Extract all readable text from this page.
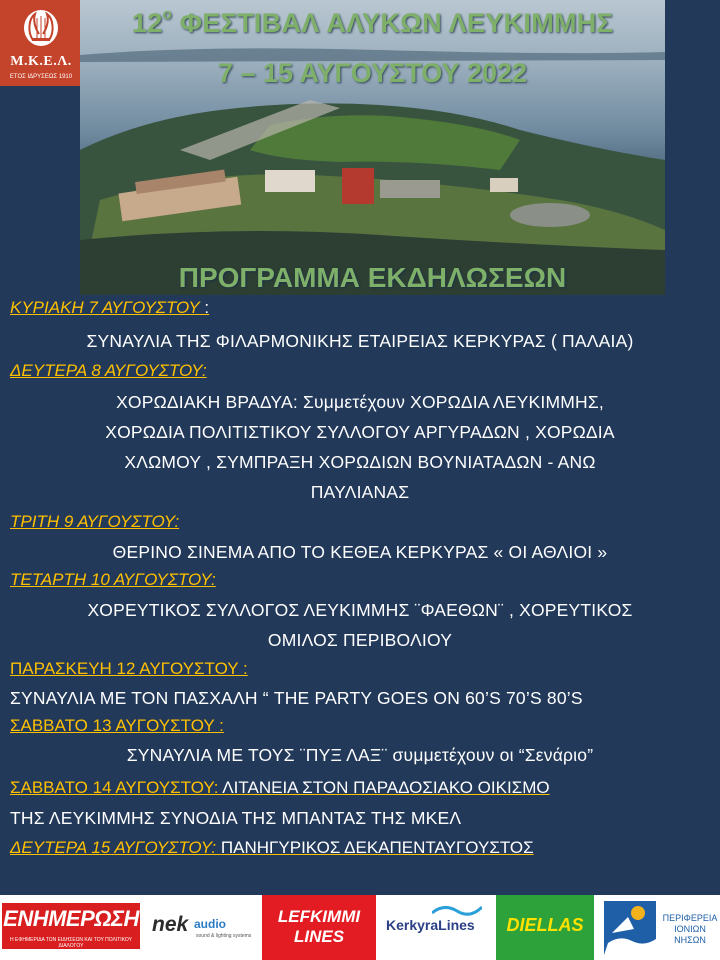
Μ.Κ.Ε.Λ.
ΕΤΟΣ ΙΔΡΥΣΕΩΣ 1910
$12^o$ ΦΕΣΤΙΒΑΛ ΑΛΥΚΩΝ ΛΕΥΚΙΜΜΗΣ
7 – 15 ΑΥΓΟΥΣΤΟΥ 2022
ΠΡΟΓΡΑΜΜΑ ΕΚΔΗΛΩΣΕΩΝ
ΚΥΡΙΑΚΗ 7 ΑΥΓΟΥΣΤΟΥ :
ΣΥΝΑΥΛΙΑ ΤΗΣ ΦΙΛΑΡΜΟΝΙΚΗΣ ΕΤΑΙΡΕΙΑΣ ΚΕΡΚΥΡΑΣ ( ΠΑΛΑΙΑ)
ΔΕΥΤΕΡΑ 8 ΑΥΓΟΥΣΤΟΥ:
ΧΟΡΩΔΙΑΚΗ ΒΡΑΔΥΑ: Συμμετέχουν ΧΟΡΩΔΙΑ ΛΕΥΚΙΜΜΗΣ,
ΧΟΡΩΔΙΑ ΠΟΛΙΤΙΣΤΙΚΟΥ ΣΥΛΛΟΓΟΥ ΑΡΓΥΡΑΔΩΝ , ΧΟΡΩΔΙΑ
ΧΛΩΜΟΥ , ΣΥΜΠΡΑΞΗ ΧΟΡΩΔΙΩΝ ΒΟΥΝΙΑΤΑΔΩΝ - ΑΝΩ
ΠΑΥΛΙΑΝΑΣ
ΤΡΙΤΗ 9 ΑΥΓΟΥΣΤΟΥ:
ΘΕΡΙΝΟ ΣΙΝΕΜΑ ΑΠΟ ΤΟ ΚΕΘΕΑ ΚΕΡΚΥΡΑΣ « ΟΙ ΑΘΛΙΟΙ »
ΤΕΤΑΡΤΗ 10 ΑΥΓΟΥΣΤΟΥ:
ΧΟΡΕΥΤΙΚΟΣ ΣΥΛΛΟΓΟΣ ΛΕΥΚΙΜΜΗΣ ¨ΦΑΕΘΩΝ¨ , ΧΟΡΕΥΤΙΚΟΣ
ΟΜΙΛΟΣ ΠΕΡΙΒΟΛΙΟΥ
ΠΑΡΑΣΚΕΥΗ 12 ΑΥΓΟΥΣΤΟΥ :
ΣΥΝΑΥΛΙΑ ΜΕ ΤΟΝ ΠΑΣΧΑΛΗ “ THE PARTY GOES ON 60’S 70’S 80’S
ΣΑΒΒΑΤΟ 13 ΑΥΓΟΥΣΤΟΥ :
ΣΥΝΑΥΛΙΑ ΜΕ ΤΟΥΣ ¨ΠΥΞ ΛΑΞ¨ συμμετέχουν οι “Σενάριο”
ΣΑΒΒΑΤΟ 14 ΑΥΓΟΥΣΤΟΥ: ΛΙΤΑΝΕΙΑ ΣΤΟΝ ΠΑΡΑΔΟΣΙΑΚΟ ΟΙΚΙΣΜΟ
ΤΗΣ ΛΕΥΚΙΜΜΗΣ ΣΥΝΟΔΙΑ ΤΗΣ ΜΠΑΝΤΑΣ ΤΗΣ ΜΚΕΛ
ΔΕΥΤΕΡΑ 15 ΑΥΓΟΥΣΤΟΥ: ΠΑΝΗΓΥΡΙΚΟΣ ΔΕΚΑΠΕΝΤΑΥΓΟΥΣΤΟΣ
ΕΝΗΜΕΡΩΣΗ
Η ΕΦΗΜΕΡΙΔΑ ΤΩΝ ΕΙΔΗΣΕΩΝ ΚΑΙ ΤΟΥ ΠΟΛΙΤΙΚΟΥ ΔΙΑΛΟΓΟΥ
nek audio
sound & lighting systems
LEFKIMMI
LINES
KerkyraLines	DIELLAS	ΠΕΡΙΦΕΡΕΙΑ
ΙΟΝΙΩΝ
ΝΗΣΩΝ
